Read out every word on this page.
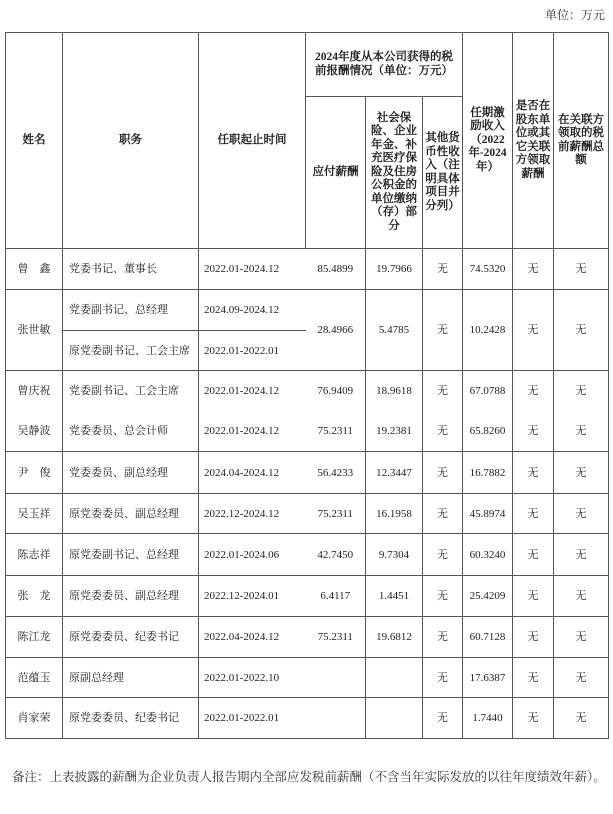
单位：万元
姓名	职务	任职起止时间	2024年度从本公司获得的税前报酬情况（单位：万元）			任期激励收入（2022年-2024年）	是否在股东单位或其它关联方领取薪酬	在关联方领取的税前薪酬总额
			应付薪酬	社会保险、企业年金、补充医疗保险及住房公积金的单位缴纳（存）部分	其他货币性收入（注明具体项目并分列）			
曾　鑫	党委书记、董事长	2022.01-2024.12	85.4899	19.7966	无	74.5320	无	无
张世敏	党委副书记、总经理	2024.09-2024.12	28.4966	5.4785	无	10.2428	无	无
	原党委副书记、工会主席	2022.01-2022.01						
曾庆祝	党委副书记、工会主席	2022.01-2024.12	76.9409	18.9618	无	67.0788	无	无
吴静波	党委委员、总会计师	2022.01-2024.12	75.2311	19.2381	无	65.8260	无	无
尹　俊	党委委员、副总经理	2024.04-2024.12	56.4233	12.3447	无	16.7882	无	无
吴玉祥	原党委委员、副总经理	2022.12-2024.12	75.2311	16.1958	无	45.8974	无	无
陈志祥	原党委副书记、总经理	2022.01-2024.06	42.7450	9.7304	无	60.3240	无	无
张　龙	原党委委员、副总经理	2022.12-2024.01	6.4117	1.4451	无	25.4209	无	无
陈江龙	原党委委员、纪委书记	2022.04-2024.12	75.2311	19.6812	无	60.7128	无	无
范蕴玉	原副总经理	2022.01-2022.10			无	17.6387	无	无
肖家荣	原党委委员、纪委书记	2022.01-2022.01			无	1.7440	无	无
备注：上表披露的薪酬为企业负责人报告期内全部应发税前薪酬（不含当年实际发放的以往年度绩效年薪）。
